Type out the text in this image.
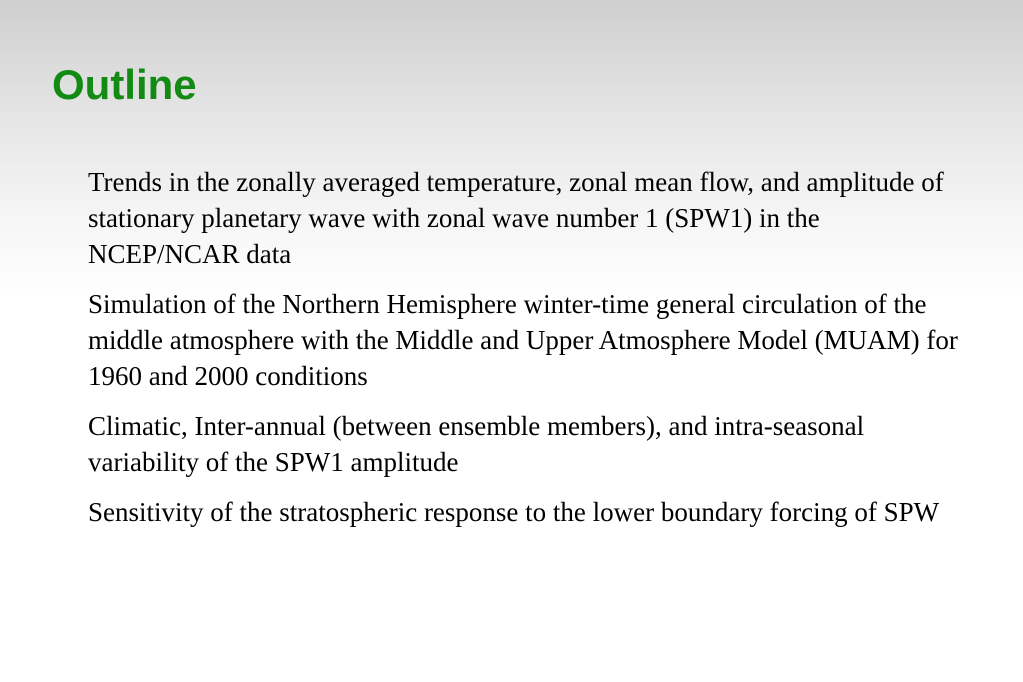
Outline
Trends in the zonally averaged temperature, zonal mean flow, and amplitude of stationary planetary wave with zonal wave number 1 (SPW1) in the NCEP/NCAR data
Simulation of the Northern Hemisphere winter-time general circulation of the middle atmosphere with the Middle and Upper Atmosphere Model (MUAM) for 1960 and 2000 conditions
Climatic, Inter-annual (between ensemble members), and intra-seasonal variability of the SPW1 amplitude
Sensitivity of the stratospheric response to the lower boundary forcing of SPW
